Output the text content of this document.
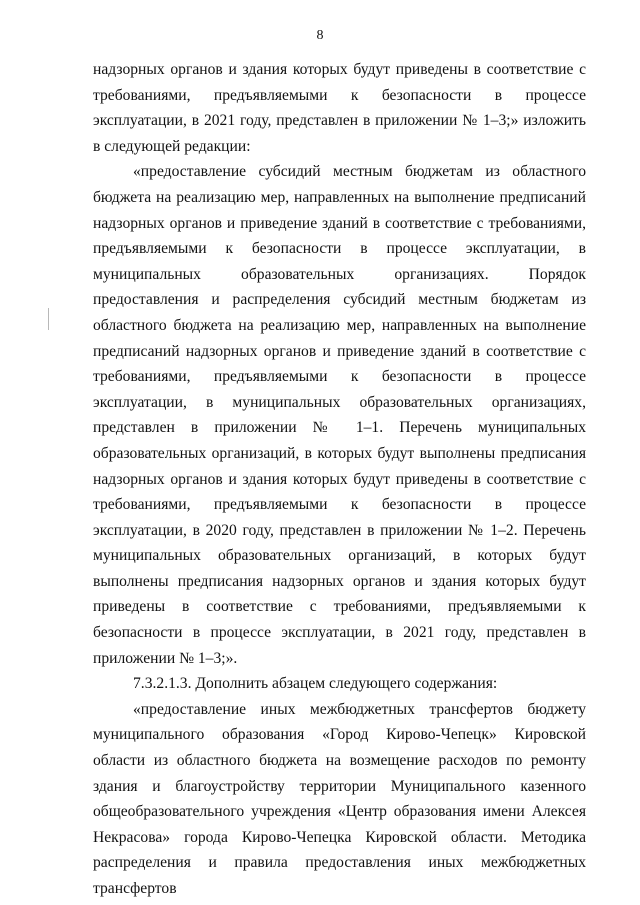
8

надзорных органов и здания которых будут приведены в соответствие с требованиями, предъявляемыми к безопасности в процессе эксплуатации, в 2021 году, представлен в приложении № 1–3;» изложить в следующей редакции:

«предоставление субсидий местным бюджетам из областного бюджета на реализацию мер, направленных на выполнение предписаний надзорных органов и приведение зданий в соответствие с требованиями, предъявляемыми к безопасности в процессе эксплуатации, в муниципальных образовательных организациях. Порядок предоставления и распределения субсидий местным бюджетам из областного бюджета на реализацию мер, направленных на выполнение предписаний надзорных органов и приведение зданий в соответствие с требованиями, предъявляемыми к безопасности в процессе эксплуатации, в муниципальных образовательных организациях, представлен в приложении № 1–1. Перечень муниципальных образовательных организаций, в которых будут выполнены предписания надзорных органов и здания которых будут приведены в соответствие с требованиями, предъявляемыми к безопасности в процессе эксплуатации, в 2020 году, представлен в приложении № 1–2. Перечень муниципальных образовательных организаций, в которых будут выполнены предписания надзорных органов и здания которых будут приведены в соответствие с требованиями, предъявляемыми к безопасности в процессе эксплуатации, в 2021 году, представлен в приложении № 1–3;».

7.3.2.1.3. Дополнить абзацем следующего содержания:

«предоставление иных межбюджетных трансфертов бюджету муниципального образования «Город Кирово-Чепецк» Кировской области из областного бюджета на возмещение расходов по ремонту здания и благоустройству территории Муниципального казенного общеобразовательного учреждения «Центр образования имени Алексея Некрасова» города Кирово-Чепецка Кировской области. Методика распределения и правила предоставления иных межбюджетных трансфертов
